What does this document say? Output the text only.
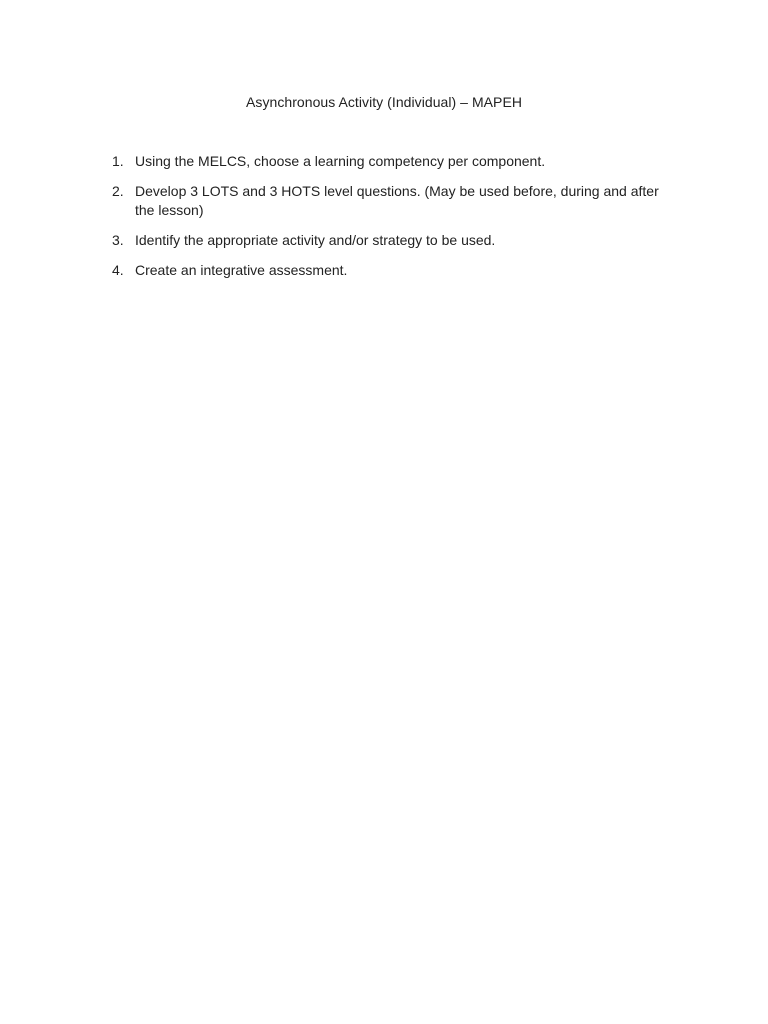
Asynchronous Activity (Individual) – MAPEH
1. Using the MELCS, choose a learning competency per component.
2. Develop 3 LOTS and 3 HOTS level questions. (May be used before, during and after the lesson)
3. Identify the appropriate activity and/or strategy to be used.
4. Create an integrative assessment.
